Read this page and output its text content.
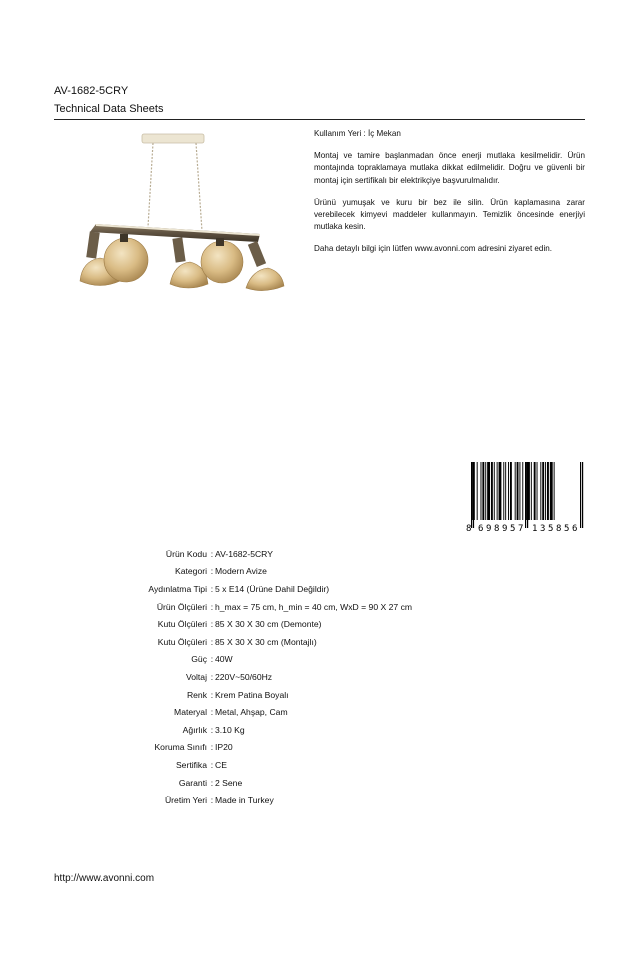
AV-1682-5CRY
Technical Data Sheets

Kullanım Yeri : İç Mekan

Montaj ve tamire başlanmadan önce enerji mutlaka kesilmelidir. Ürün montajında topraklamaya mutlaka dikkat edilmelidir. Doğru ve güvenli bir montaj için sertifikalı bir elektrikçiye başvurulmalıdır.

Ürünü yumuşak ve kuru bir bez ile silin. Ürün kaplamasına zarar verebilecek kimyevi maddeler kullanmayın. Temizlik öncesinde enerjiyi mutlaka kesin.

Daha detaylı bilgi için lütfen www.avonni.com adresini ziyaret edin.

8 6 9 8 9 5 7 1 3 5 8 5 6
Ürün Kodu : AV-1682-5CRY
Kategori : Modern Avize
Aydınlatma Tipi : 5 x E14 (Ürüne Dahil Değildir)
Ürün Ölçüleri : h_max = 75 cm, h_min = 40 cm, WxD = 90 X 27 cm
Kutu Ölçüleri : 85 X 30 X 30 cm (Demonte)
Kutu Ölçüleri : 85 X 30 X 30 cm (Montajlı)
Güç : 40W
Voltaj : 220V~50/60Hz
Renk : Krem Patina Boyalı
Materyal : Metal, Ahşap, Cam
Ağırlık : 3.10 Kg
Koruma Sınıfı : IP20
Sertifika : CE
Garanti : 2 Sene
Üretim Yeri : Made in Turkey
http://www.avonni.com
